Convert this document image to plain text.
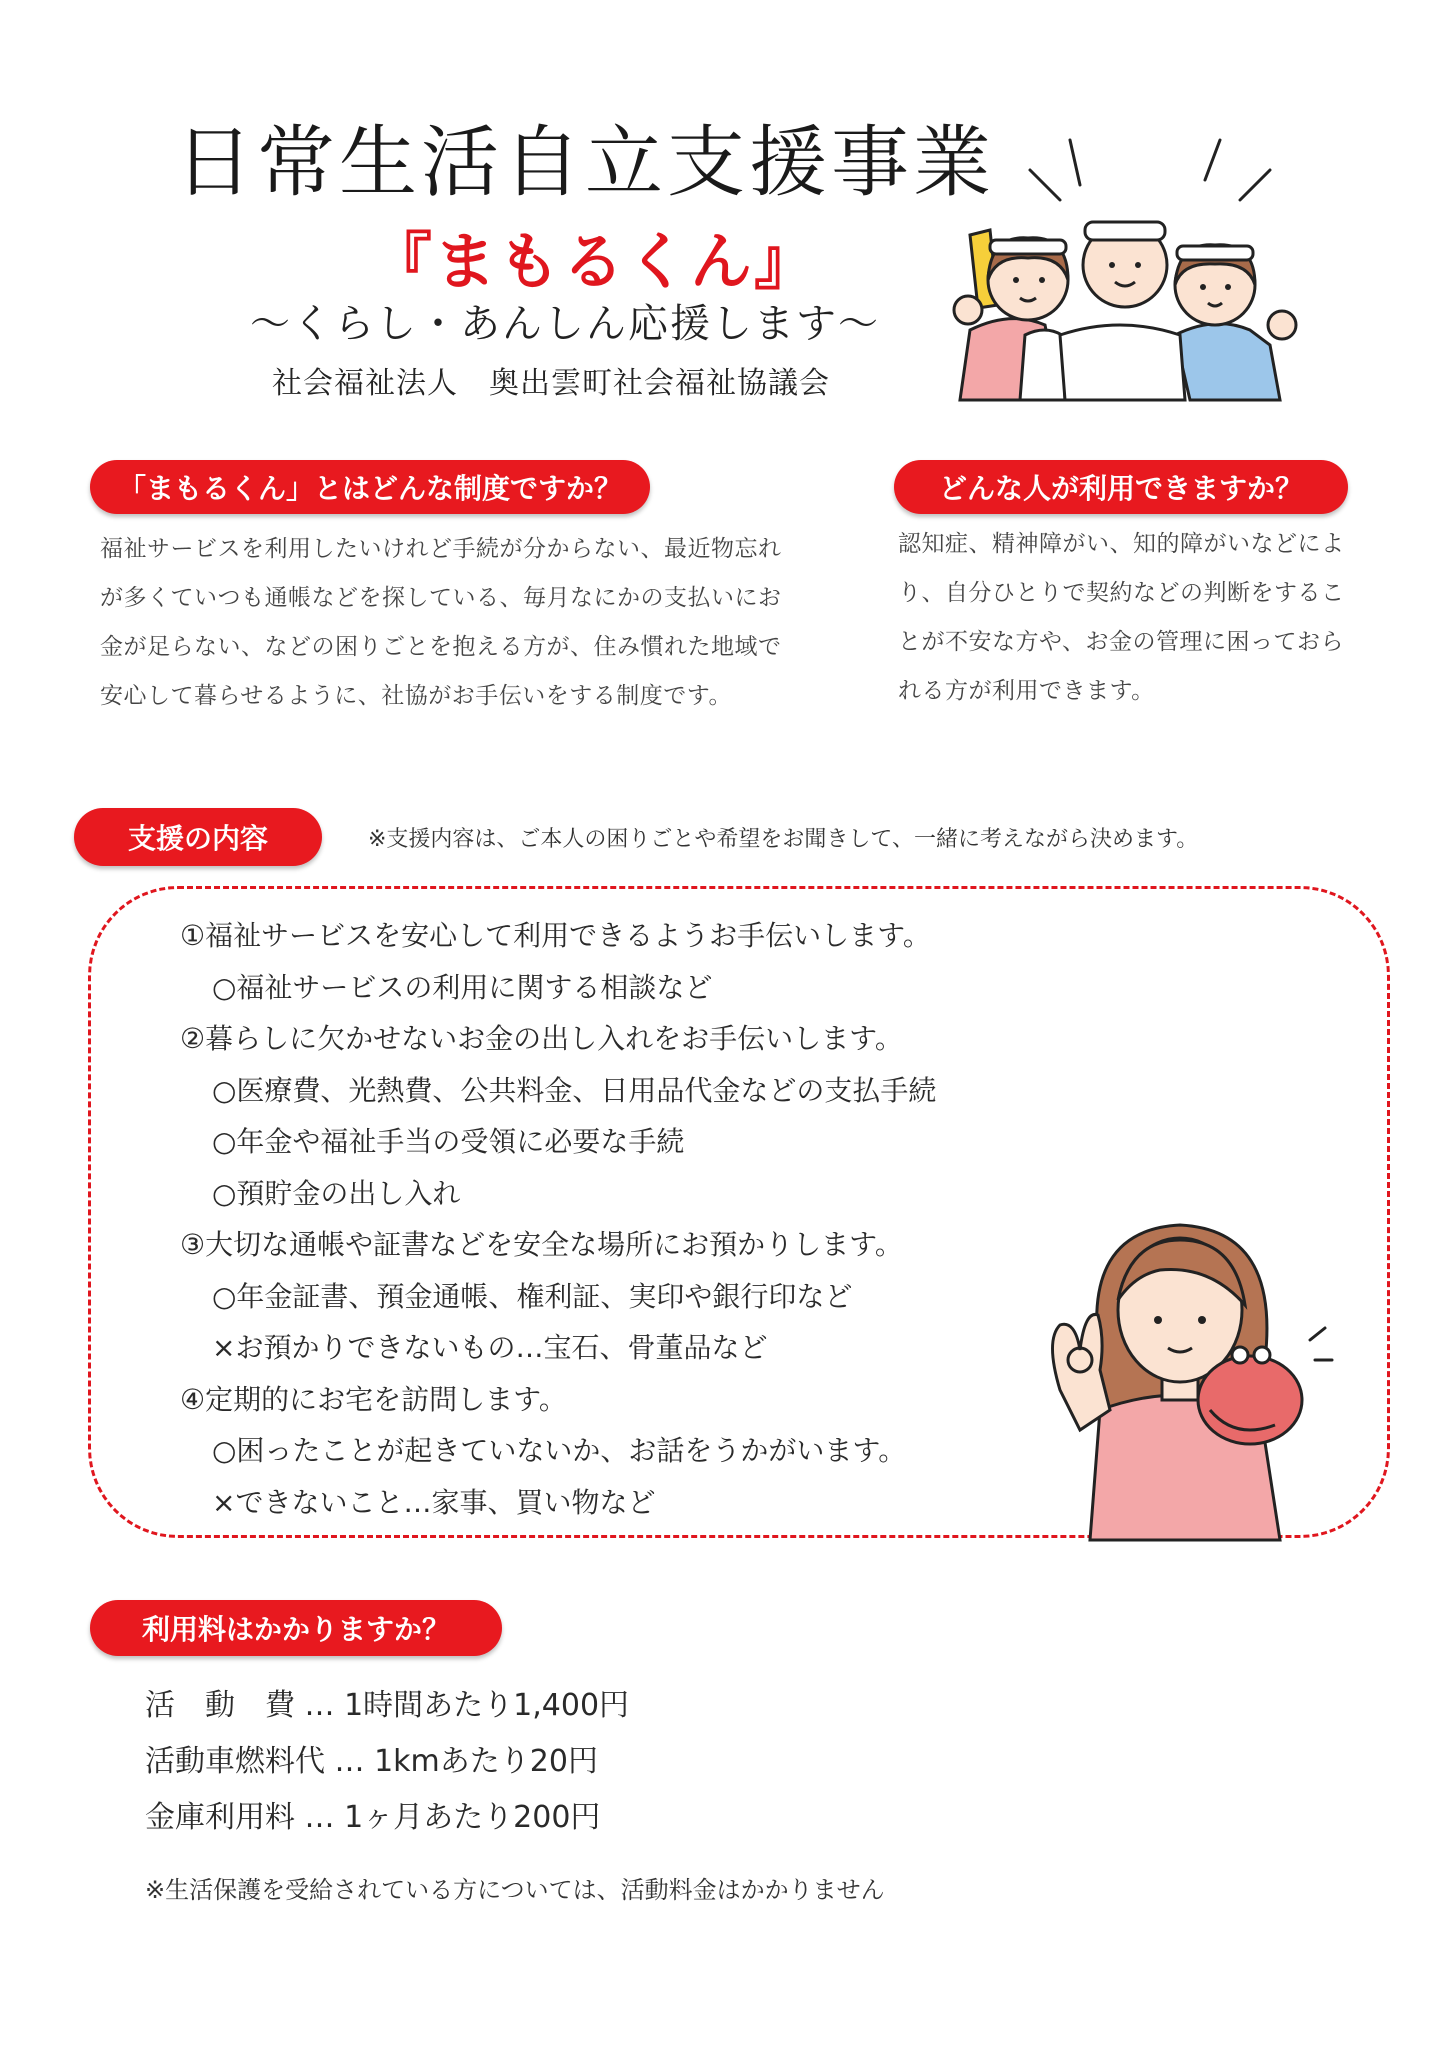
日常生活自立支援事業
『まもるくん』
～くらし・あんしん応援します～
社会福祉法人　奥出雲町社会福祉協議会
「まもるくん」とはどんな制度ですか？
福祉サービスを利用したいけれど手続が分からない、最近物忘れが多くていつも通帳などを探している、毎月なにかの支払いにお金が足らない、などの困りごとを抱える方が、住み慣れた地域で安心して暮らせるように、社協がお手伝いをする制度です。
どんな人が利用できますか？
認知症、精神障がい、知的障がいなどにより、自分ひとりで契約などの判断をすることが不安な方や、お金の管理に困っておられる方が利用できます。
支援の内容	※支援内容は、ご本人の困りごとや希望をお聞きして、一緒に考えながら決めます。
①福祉サービスを安心して利用できるようお手伝いします。
○福祉サービスの利用に関する相談など
②暮らしに欠かせないお金の出し入れをお手伝いします。
○医療費、光熱費、公共料金、日用品代金などの支払手続
○年金や福祉手当の受領に必要な手続
○預貯金の出し入れ
③大切な通帳や証書などを安全な場所にお預かりします。
○年金証書、預金通帳、権利証、実印や銀行印など
×お預かりできないもの…宝石、骨董品など
④定期的にお宅を訪問します。
○困ったことが起きていないか、お話をうかがいます。
×できないこと…家事、買い物など
利用料はかかりますか？
活　動　費 … 1時間あたり1,400円
活動車燃料代 … 1kmあたり20円
金庫利用料 … 1ヶ月あたり200円
※生活保護を受給されている方については、活動料金はかかりません
